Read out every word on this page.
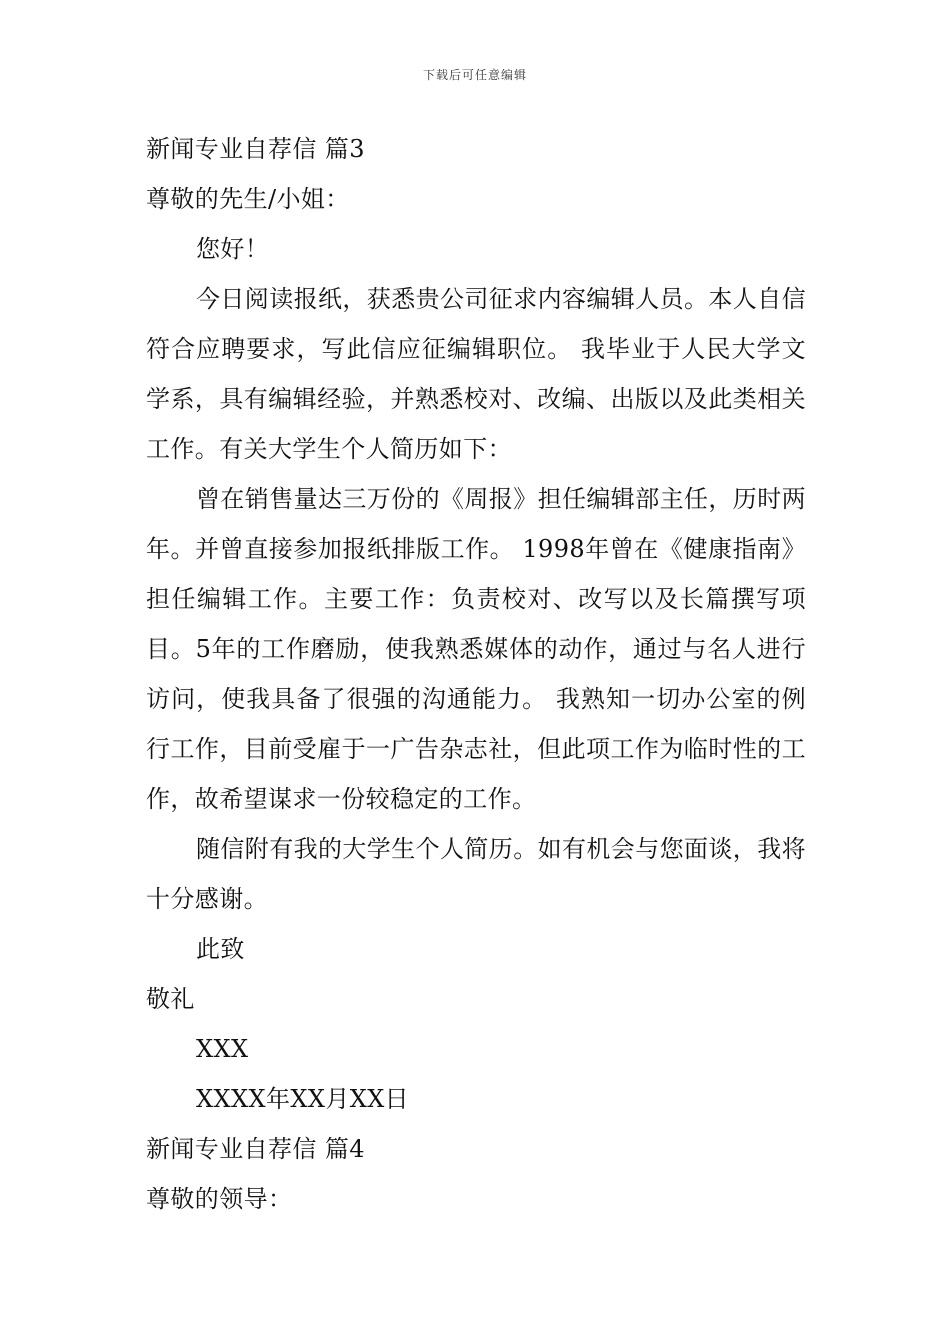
下载后可任意编辑
新闻专业自荐信 篇3
尊敬的先生/小姐：
您好！

今日阅读报纸，获悉贵公司征求内容编辑人员。本人自信符合应聘要求，写此信应征编辑职位。 我毕业于人民大学文学系，具有编辑经验，并熟悉校对、改编、出版以及此类相关工作。有关大学生个人简历如下：

曾在销售量达三万份的《周报》担任编辑部主任，历时两年。并曾直接参加报纸排版工作。 1998年曾在《健康指南》担任编辑工作。主要工作：负责校对、改写以及长篇撰写项目。5年的工作磨励，使我熟悉媒体的动作，通过与名人进行访问，使我具备了很强的沟通能力。 我熟知一切办公室的例行工作，目前受雇于一广告杂志社，但此项工作为临时性的工作，故希望谋求一份较稳定的工作。

随信附有我的大学生个人简历。如有机会与您面谈，我将十分感谢。

此致
敬礼
XXX
XXXX年XX月XX日
新闻专业自荐信 篇4
尊敬的领导：
